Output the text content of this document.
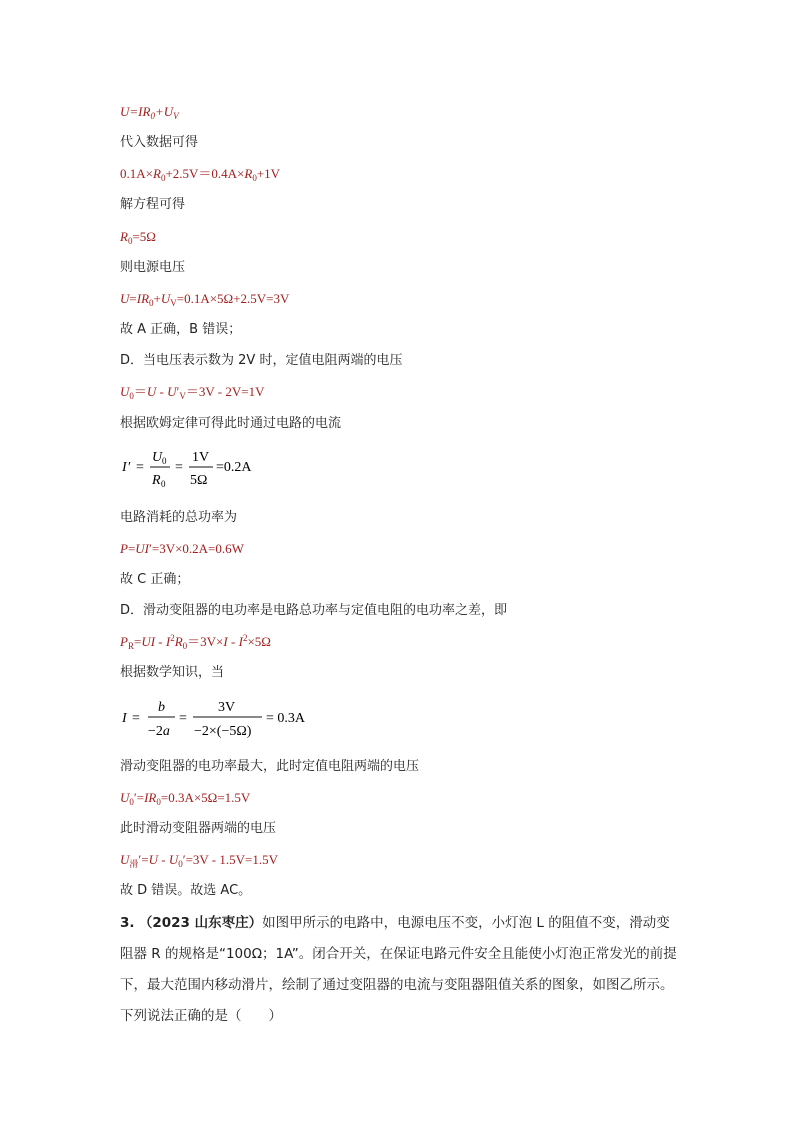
$U=IR_0+U_V$
代入数据可得
$0.1A\times R_0+2.5V=0.4A\times R_0+1V$
解方程可得
$R_0=5\Omega$
则电源电压
$U=IR_0+U_V=0.1A\times 5\Omega+2.5V=3V$
故 A 正确，B 错误；
D．当电压表示数为 2V 时，定值电阻两端的电压
$U_0=U - U'_V=3V - 2V=1V$
根据欧姆定律可得此时通过电路的电流
I ′ =
U 0
R 0
=
1V
5Ω
=0.2A
电路消耗的总功率为
P=UI′=3V×0.2A=0.6W
故 C 正确；
D．滑动变阻器的电功率是电路总功率与定值电阻的电功率之差，即
$P_R=UI - I^2R_0=3V\times I - I^2\times 5\Omega$
根据数学知识，当
I =
b
−2a
=
3V
−2×(−5Ω)
= 0.3A
滑动变阻器的电功率最大，此时定值电阻两端的电压
$U_0'=IR_0=0.3A\times 5\Omega=1.5V$
此时滑动变阻器两端的电压
$U_滑'=U - U_0'=3V - 1.5V=1.5V$
故 D 错误。故选 AC。
3. （2023 山东枣庄）如图甲所示的电路中，电源电压不变，小灯泡 L 的阻值不变，滑动变阻器 R 的规格是“100Ω；1A”。闭合开关，在保证电路元件安全且能使小灯泡正常发光的前提下，最大范围内移动滑片，绘制了通过变阻器的电流与变阻器阻值关系的图象，如图乙所示。下列说法正确的是（　　）
